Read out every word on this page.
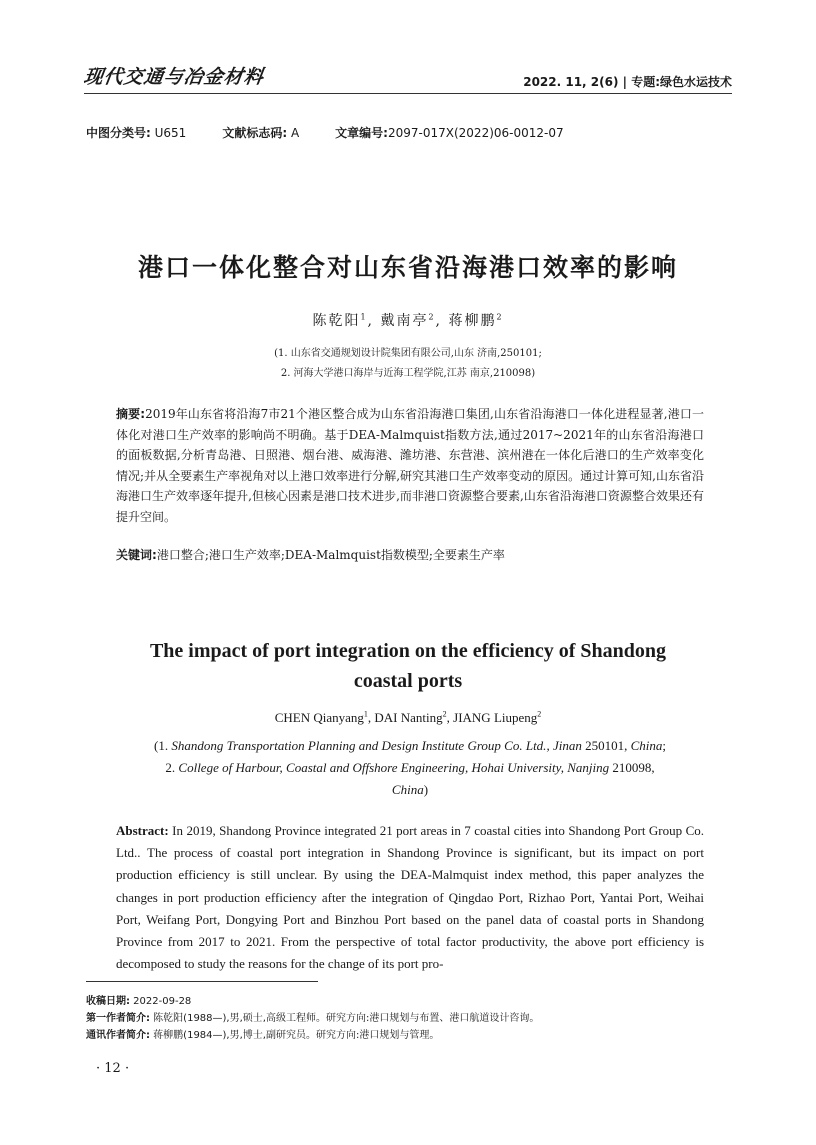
现代交通与冶金材料	2022. 11, 2(6) | 专题:绿色水运技术
中图分类号: U651	文献标志码: A	文章编号:2097-017X(2022)06-0012-07
港口一体化整合对山东省沿海港口效率的影响
陈乾阳$^1$, 戴南亭$^2$, 蒋柳鹏$^2$
(1. 山东省交通规划设计院集团有限公司,山东 济南,250101;
2. 河海大学港口海岸与近海工程学院,江苏 南京,210098)
摘要:2019年山东省将沿海7市21个港区整合成为山东省沿海港口集团,山东省沿海港口一体化进程显著,港口一体化对港口生产效率的影响尚不明确。基于DEA-Malmquist指数方法,通过2017~2021年的山东省沿海港口的面板数据,分析青岛港、日照港、烟台港、威海港、潍坊港、东营港、滨州港在一体化后港口的生产效率变化情况;并从全要素生产率视角对以上港口效率进行分解,研究其港口生产效率变动的原因。通过计算可知,山东省沿海港口生产效率逐年提升,但核心因素是港口技术进步,而非港口资源整合要素,山东省沿海港口资源整合效果还有提升空间。
关键词:港口整合;港口生产效率;DEA-Malmquist指数模型;全要素生产率
The impact of port integration on the efficiency of Shandong coastal ports
CHEN Qianyang$^1$, DAI Nanting$^2$, JIANG Liupeng$^2$
(1. Shandong Transportation Planning and Design Institute Group Co. Ltd., Jinan 250101, China;
2. College of Harbour, Coastal and Offshore Engineering, Hohai University, Nanjing 210098,
China)
Abstract: In 2019, Shandong Province integrated 21 port areas in 7 coastal cities into Shandong Port Group Co. Ltd.. The process of coastal port integration in Shandong Province is significant, but its impact on port production efficiency is still unclear. By using the DEA-Malmquist index method, this paper analyzes the changes in port production efficiency after the integration of Qingdao Port, Rizhao Port, Yantai Port, Weihai Port, Weifang Port, Dongying Port and Binzhou Port based on the panel data of coastal ports in Shandong Province from 2017 to 2021. From the perspective of total factor productivity, the above port efficiency is decomposed to study the reasons for the change of its port pro-
收稿日期: 2022-09-28
第一作者简介: 陈乾阳(1988—),男,硕士,高级工程师。研究方向:港口规划与布置、港口航道设计咨询。
通讯作者简介: 蒋柳鹏(1984—),男,博士,副研究员。研究方向:港口规划与管理。
· 12 ·
